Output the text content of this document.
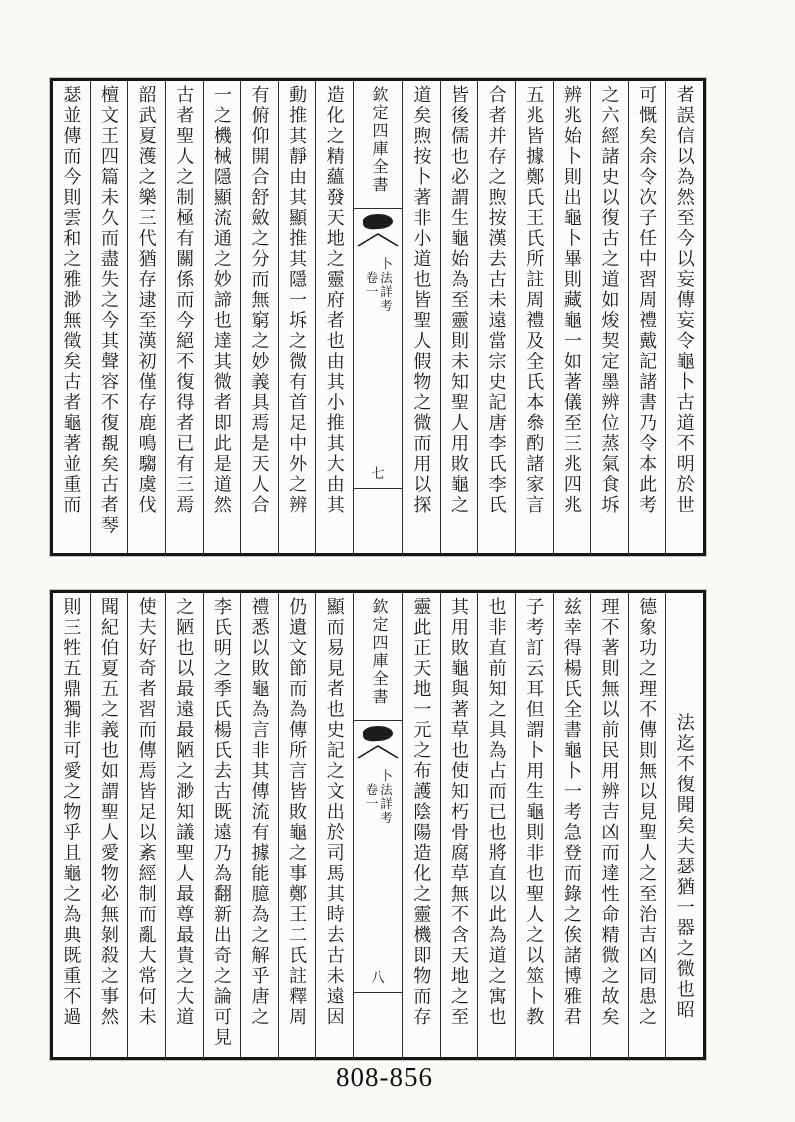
者誤信以為然至今以妄傳妄令龜卜古道不明於世
可慨矣余令次子任中習周禮戴記諸書乃令本此考
之六經諸史以復古之道如焌契定墨辨位蒸氣食坼
辨兆始卜則出龜卜畢則藏龜一如著儀至三兆四兆
五兆皆據鄭氏王氏所註周禮及全氏本叅酌諸家言
合者并存之煦按漢去古未遠當宗史記唐李氏李氏
皆後儒也必謂生龜始為至靈則未知聖人用敗龜之
道矣煦按卜著非小道也皆聖人假物之微而用以探
欽定四庫全書
卜法詳考
卷一
七
造化之精蘊發天地之靈府者也由其小推其大由其
動推其靜由其顯推其隱一坼之微有首足中外之辨
有俯仰開合舒斂之分而無窮之妙義具焉是天人合
一之機械隱顯流通之妙諦也達其微者即此是道然
古者聖人之制極有關係而今絕不復得者已有三焉
韶武夏濩之樂三代猶存逮至漢初僅存鹿鳴騶虞伐
檀文王四篇未久而盡失之今其聲容不復覩矣古者琴
瑟並傳而今則雲和之雅渺無徵矣古者龜著並重而
法迄不復聞矣夫瑟猶一器之微也昭
德象功之理不傳則無以見聖人之至治吉凶同患之
理不著則無以前民用辨吉凶而達性命精微之故矣
兹幸得楊氏全書龜卜一考急登而錄之俟諸博雅君
子考訂云耳但謂卜用生龜則非也聖人之以筮卜教
也非直前知之具為占而已也將直以此為道之寓也
其用敗龜與著草也使知朽骨腐草無不含天地之至
靈此正天地一元之布護陰陽造化之靈機即物而存
欽定四庫全書
卜法詳考
卷一
八
顯而易見者也史記之文出於司馬其時去古未遠因
仍遺文節而為傳所言皆敗龜之事鄭王二氏註釋周
禮悉以敗龜為言非其傳流有據能臆為之解乎唐之
李氏明之季氏楊氏去古既遠乃為翻新出奇之論可見
之陋也以最遠最陋之渺知議聖人最尊最貴之大道
使夫好奇者習而傳焉皆足以紊經制而亂大常何未
聞紀伯夏五之義也如謂聖人愛物必無剝殺之事然
則三牲五鼎獨非可愛之物乎且龜之為典既重不過
808-856
